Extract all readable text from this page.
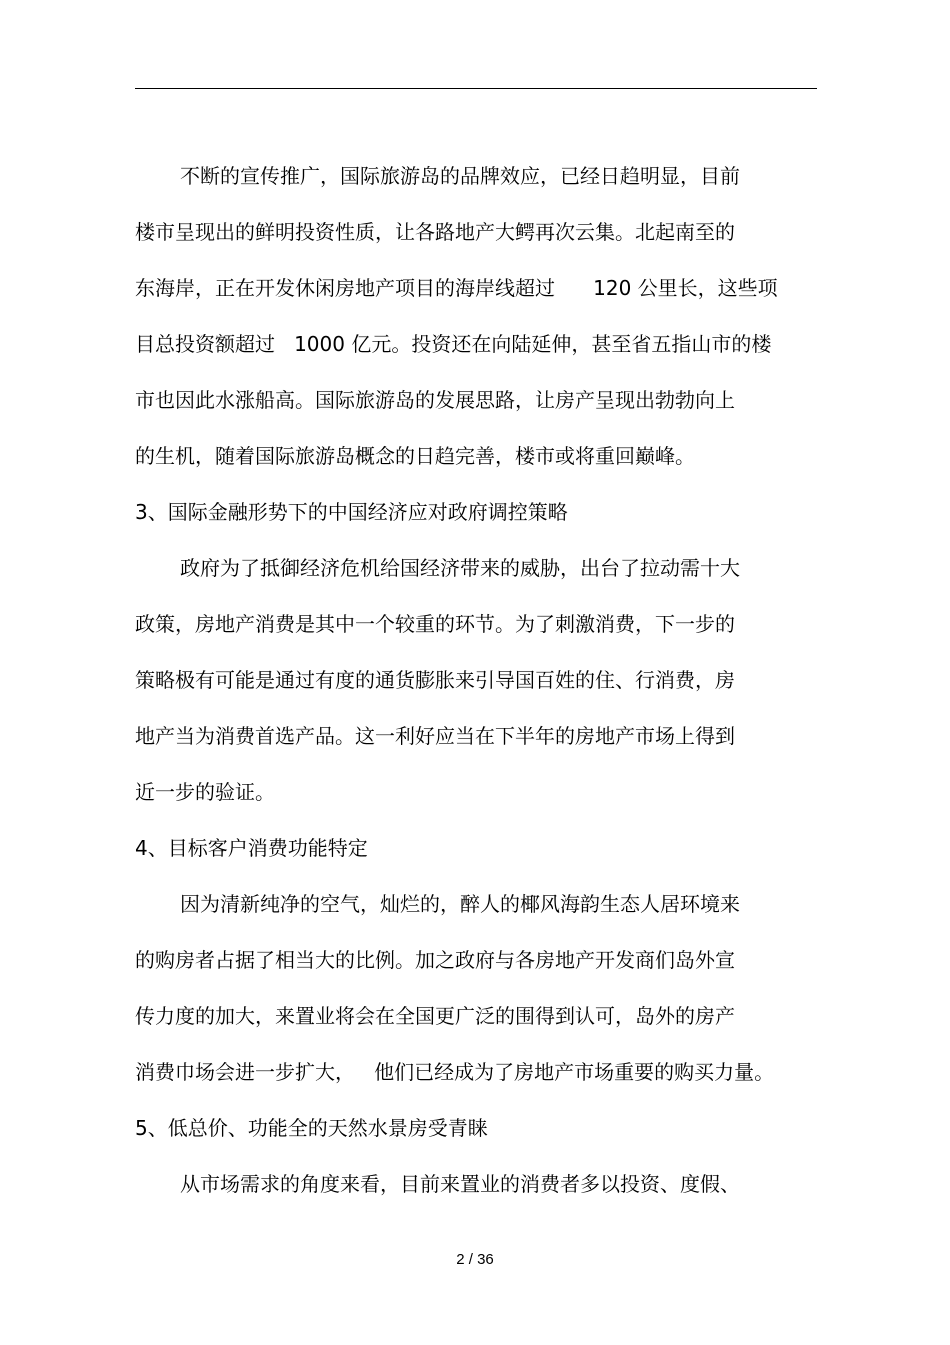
不断的宣传推广，国际旅游岛的品牌效应，已经日趋明显，目前
楼市呈现出的鲜明投资性质，让各路地产大鳄再次云集。北起南至的
东海岸，正在开发休闲房地产项目的海岸线超过      120 公里长，这些项
目总投资额超过   1000 亿元。投资还在向陆延伸，甚至省五指山市的楼
市也因此水涨船高。国际旅游岛的发展思路，让房产呈现出勃勃向上
的生机，随着国际旅游岛概念的日趋完善，楼市或将重回巅峰。
3、国际金融形势下的中国经济应对政府调控策略
政府为了抵御经济危机给国经济带来的威胁，出台了拉动需十大
政策，房地产消费是其中一个较重的环节。为了刺激消费，下一步的
策略极有可能是通过有度的通货膨胀来引导国百姓的住、行消费，房
地产当为消费首选产品。这一利好应当在下半年的房地产市场上得到
近一步的验证。
4、目标客户消费功能特定
因为清新纯净的空气，灿烂的，醉人的椰风海韵生态人居环境来
的购房者占据了相当大的比例。加之政府与各房地产开发商们岛外宣
传力度的加大，来置业将会在全国更广泛的围得到认可，岛外的房产
消费巾场会进一步扩大，   他们已经成为了房地产市场重要的购买力量。
5、低总价、功能全的天然水景房受青睐
从市场需求的角度来看，目前来置业的消费者多以投资、度假、
2 / 36
